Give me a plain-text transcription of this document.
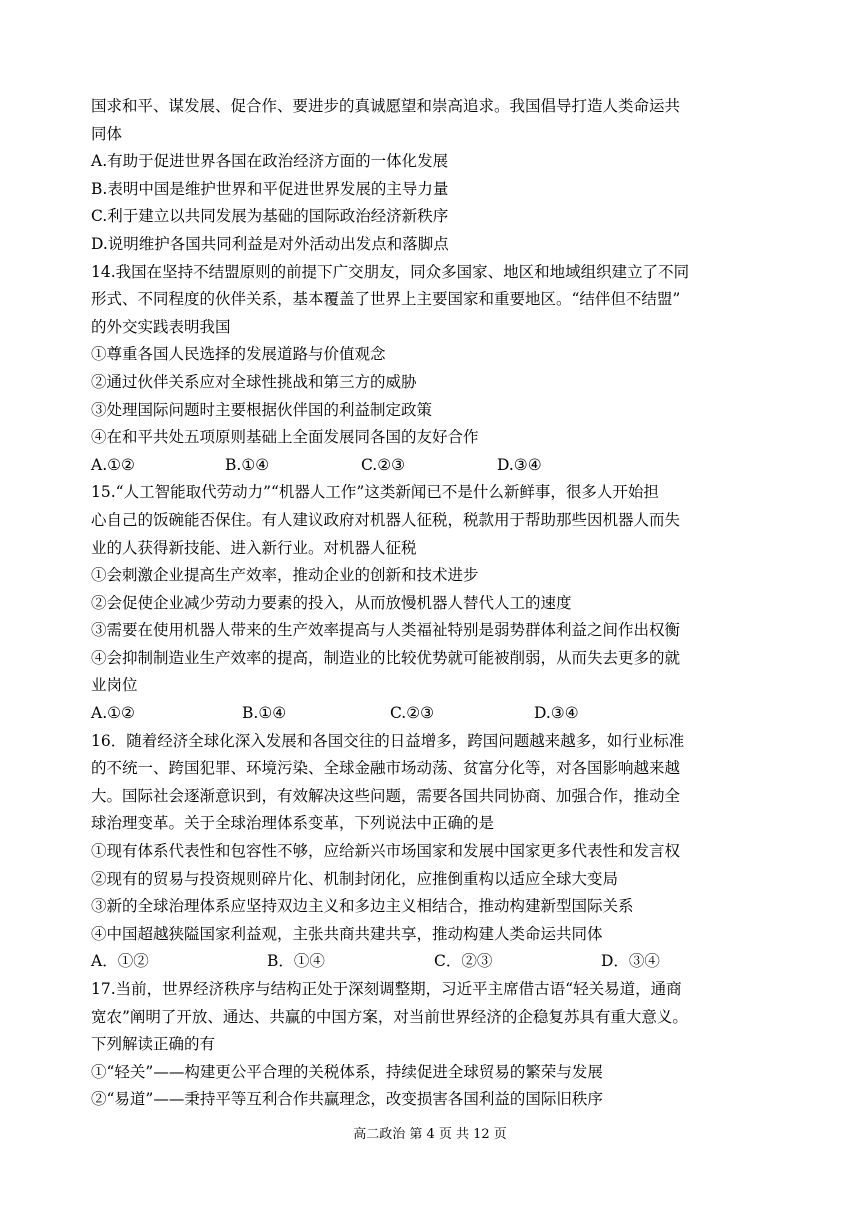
国求和平、谋发展、促合作、要进步的真诚愿望和崇高追求。我国倡导打造人类命运共
同体
A.有助于促进世界各国在政治经济方面的一体化发展
B.表明中国是维护世界和平促进世界发展的主导力量
C.利于建立以共同发展为基础的国际政治经济新秩序
D.说明维护各国共同利益是对外活动出发点和落脚点
14.我国在坚持不结盟原则的前提下广交朋友，同众多国家、地区和地域组织建立了不同
形式、不同程度的伙伴关系，基本覆盖了世界上主要国家和重要地区。“结伴但不结盟”
的外交实践表明我国
①尊重各国人民选择的发展道路与价值观念
②通过伙伴关系应对全球性挑战和第三方的威胁
③处理国际问题时主要根据伙伴国的利益制定政策
④在和平共处五项原则基础上全面发展同各国的友好合作
A.①②	B.①④	C.②③	D.③④
15.“人工智能取代劳动力”“机器人工作”这类新闻已不是什么新鲜事，很多人开始担
心自己的饭碗能否保住。有人建议政府对机器人征税，税款用于帮助那些因机器人而失
业的人获得新技能、进入新行业。对机器人征税
①会刺激企业提高生产效率，推动企业的创新和技术进步
②会促使企业减少劳动力要素的投入，从而放慢机器人替代人工的速度
③需要在使用机器人带来的生产效率提高与人类福祉特别是弱势群体利益之间作出权衡
④会抑制制造业生产效率的提高，制造业的比较优势就可能被削弱，从而失去更多的就
业岗位
A.①②	B.①④	C.②③	D.③④
16．随着经济全球化深入发展和各国交往的日益增多，跨国问题越来越多，如行业标准
的不统一、跨国犯罪、环境污染、全球金融市场动荡、贫富分化等，对各国影响越来越
大。国际社会逐渐意识到，有效解决这些问题，需要各国共同协商、加强合作，推动全
球治理变革。关于全球治理体系变革，下列说法中正确的是
①现有体系代表性和包容性不够，应给新兴市场国家和发展中国家更多代表性和发言权
②现有的贸易与投资规则碎片化、机制封闭化，应推倒重构以适应全球大变局
③新的全球治理体系应坚持双边主义和多边主义相结合，推动构建新型国际关系
④中国超越狭隘国家利益观，主张共商共建共享，推动构建人类命运共同体
A．①②	B．①④	C．②③	D．③④
17.当前，世界经济秩序与结构正处于深刻调整期，习近平主席借古语“轻关易道，通商
宽农”阐明了开放、通达、共赢的中国方案，对当前世界经济的企稳复苏具有重大意义。
下列解读正确的有
①“轻关”——构建更公平合理的关税体系，持续促进全球贸易的繁荣与发展
②“易道”——秉持平等互利合作共赢理念，改变损害各国利益的国际旧秩序
高二政治 第 4 页 共 12 页
